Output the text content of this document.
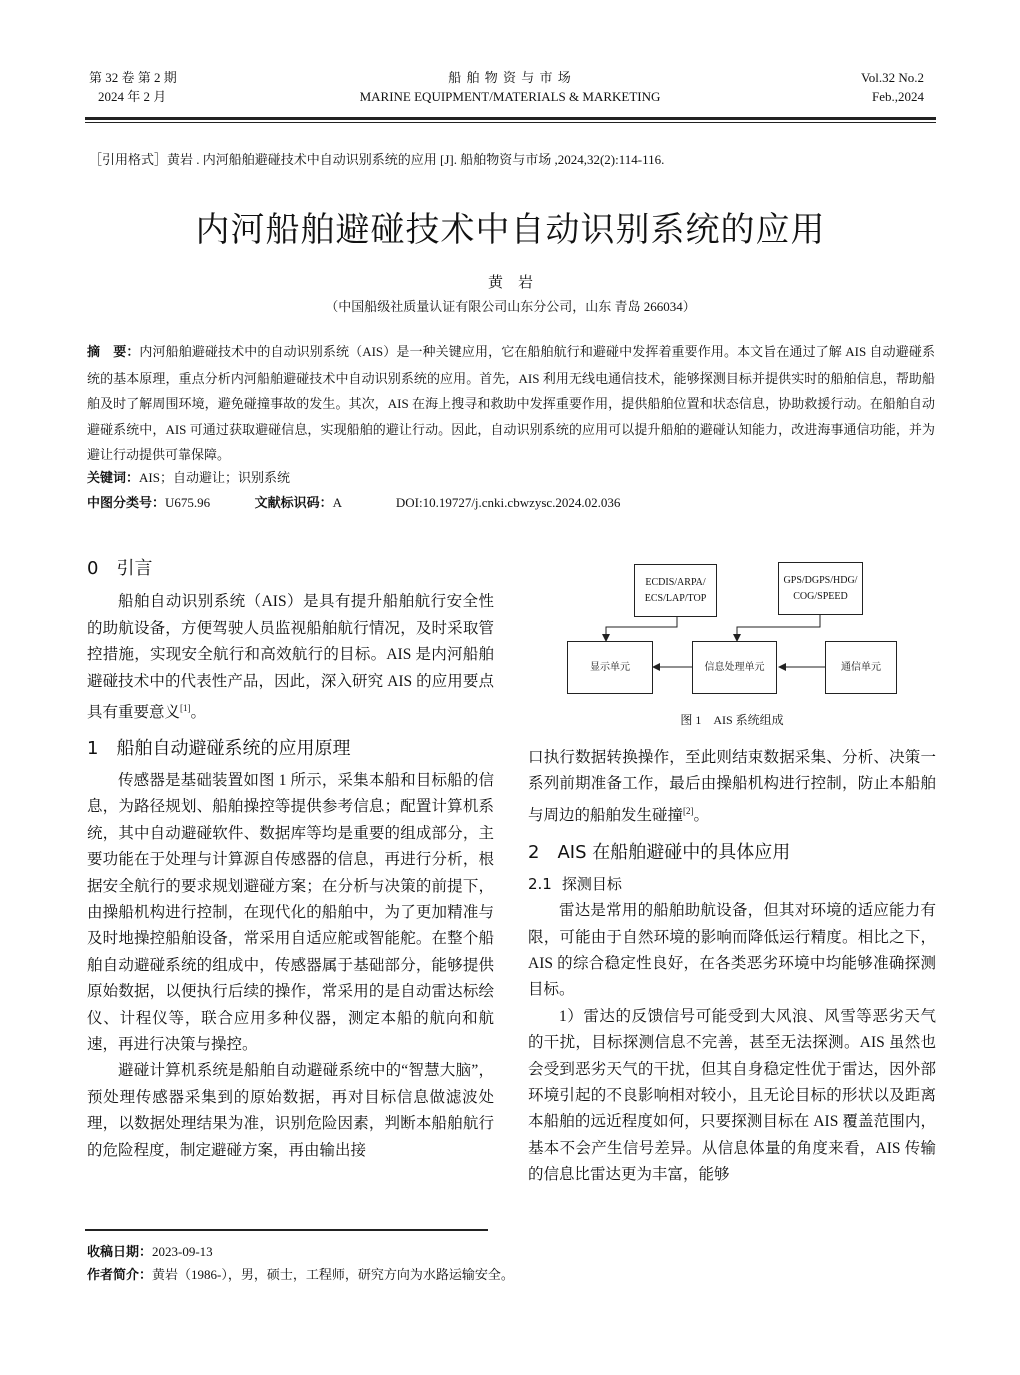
第 32 卷 第 2 期
2024 年 2 月
船 舶 物 资 与 市 场
MARINE EQUIPMENT/MATERIALS & MARKETING
Vol.32 No.2
Feb.,2024
［引用格式］黄岩 . 内河船舶避碰技术中自动识别系统的应用 [J]. 船舶物资与市场 ,2024,32(2):114-116.
内河船舶避碰技术中自动识别系统的应用
黄　岩
（中国船级社质量认证有限公司山东分公司，山东 青岛 266034）
摘　要：内河船舶避碰技术中的自动识别系统（AIS）是一种关键应用，它在船舶航行和避碰中发挥着重要作用。本文旨在通过了解 AIS 自动避碰系统的基本原理，重点分析内河船舶避碰技术中自动识别系统的应用。首先，AIS 利用无线电通信技术，能够探测目标并提供实时的船舶信息，帮助船舶及时了解周围环境，避免碰撞事故的发生。其次，AIS 在海上搜寻和救助中发挥重要作用，提供船舶位置和状态信息，协助救援行动。在船舶自动避碰系统中，AIS 可通过获取避碰信息，实现船舶的避让行动。因此，自动识别系统的应用可以提升船舶的避碰认知能力，改进海事通信功能，并为避让行动提供可靠保障。
关键词：AIS；自动避让；识别系统
中图分类号：U675.96	文献标识码：A	DOI:10.19727/j.cnki.cbwzysc.2024.02.036
0 引言

船舶自动识别系统（AIS）是具有提升船舶航行安全性的助航设备，方便驾驶人员监视船舶航行情况，及时采取管控措施，实现安全航行和高效航行的目标。AIS 是内河船舶避碰技术中的代表性产品，因此，深入研究 AIS 的应用要点具有重要意义[1]。

1 船舶自动避碰系统的应用原理

传感器是基础装置如图 1 所示，采集本船和目标船的信息，为路径规划、船舶操控等提供参考信息；配置计算机系统，其中自动避碰软件、数据库等均是重要的组成部分，主要功能在于处理与计算源自传感器的信息，再进行分析，根据安全航行的要求规划避碰方案；在分析与决策的前提下，由操船机构进行控制，在现代化的船舶中，为了更加精准与及时地操控船舶设备，常采用自适应舵或智能舵。在整个船舶自动避碰系统的组成中，传感器属于基础部分，能够提供原始数据，以便执行后续的操作，常采用的是自动雷达标绘仪、计程仪等，联合应用多种仪器，测定本船的航向和航速，再进行决策与操控。

避碰计算机系统是船舶自动避碰系统中的“智慧大脑”，预处理传感器采集到的原始数据，再对目标信息做滤波处理，以数据处理结果为准，识别危险因素，判断本船舶航行的危险程度，制定避碰方案，再由输出接

ECDIS/ARPA/
ECS/LAP/TOP
GPS/DGPS/HDG/
COG/SPEED
显示单元	信息处理单元	通信单元
图 1　AIS 系统组成

口执行数据转换操作，至此则结束数据采集、分析、决策一系列前期准备工作，最后由操船机构进行控制，防止本船舶与周边的船舶发生碰撞[2]。

2 AIS 在船舶避碰中的具体应用
2.1 探测目标

雷达是常用的船舶助航设备，但其对环境的适应能力有限，可能由于自然环境的影响而降低运行精度。相比之下，AIS 的综合稳定性良好，在各类恶劣环境中均能够准确探测目标。

1）雷达的反馈信号可能受到大风浪、风雪等恶劣天气的干扰，目标探测信息不完善，甚至无法探测。AIS 虽然也会受到恶劣天气的干扰，但其自身稳定性优于雷达，因外部环境引起的不良影响相对较小，且无论目标的形状以及距离本船舶的远近程度如何，只要探测目标在 AIS 覆盖范围内，基本不会产生信号差异。从信息体量的角度来看，AIS 传输的信息比雷达更为丰富，能够

收稿日期：2023-09-13
作者简介：黄岩（1986-），男，硕士，工程师，研究方向为水路运输安全。
